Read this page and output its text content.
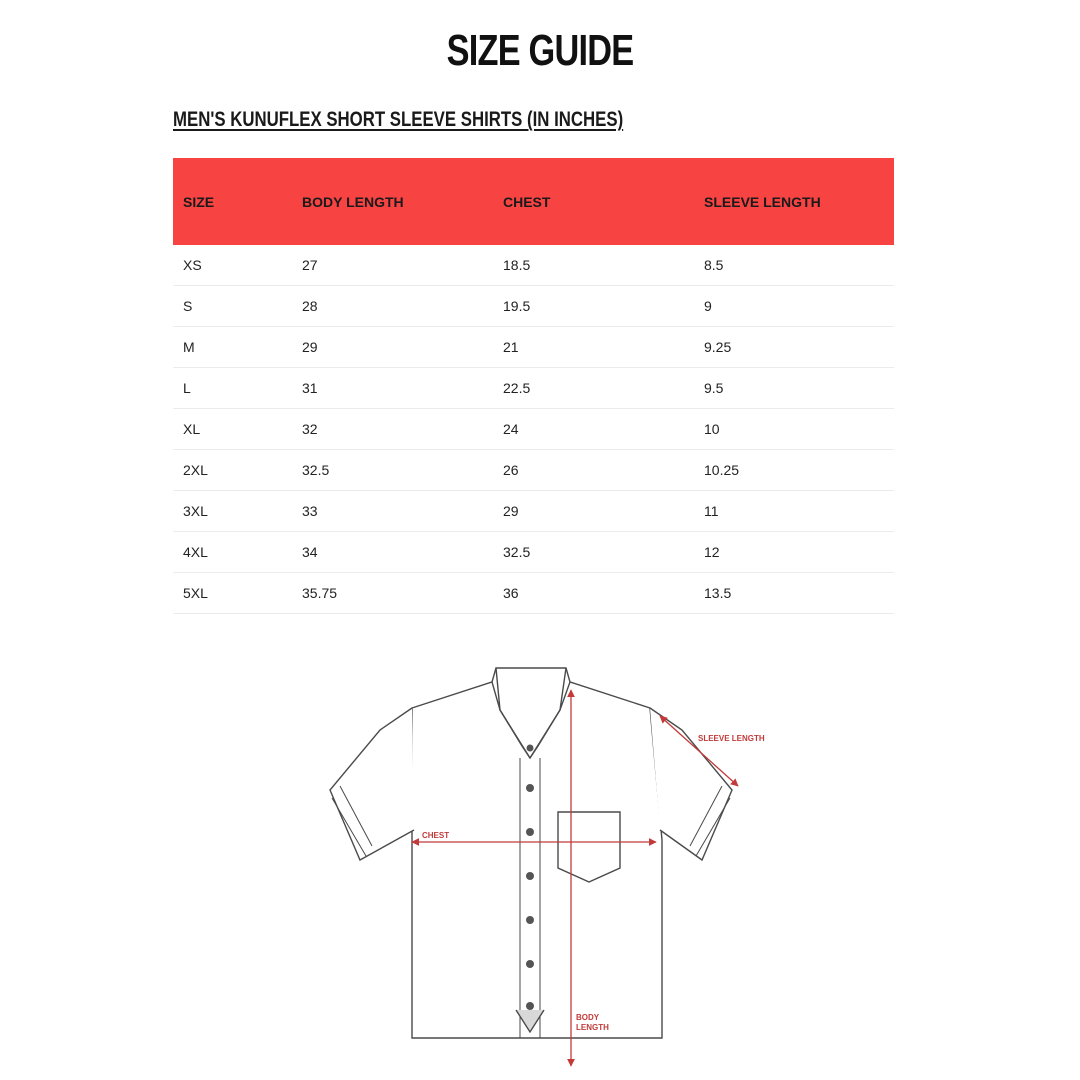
SIZE GUIDE
MEN'S KUNUFLEX SHORT SLEEVE SHIRTS (IN INCHES)
SIZE	BODY LENGTH	CHEST	SLEEVE LENGTH
XS	27	18.5	8.5
S	28	19.5	9
M	29	21	9.25
L	31	22.5	9.5
XL	32	24	10
2XL	32.5	26	10.25
3XL	33	29	11
4XL	34	32.5	12
5XL	35.75	36	13.5
CHEST
SLEEVE LENGTH
BODY
LENGTH
